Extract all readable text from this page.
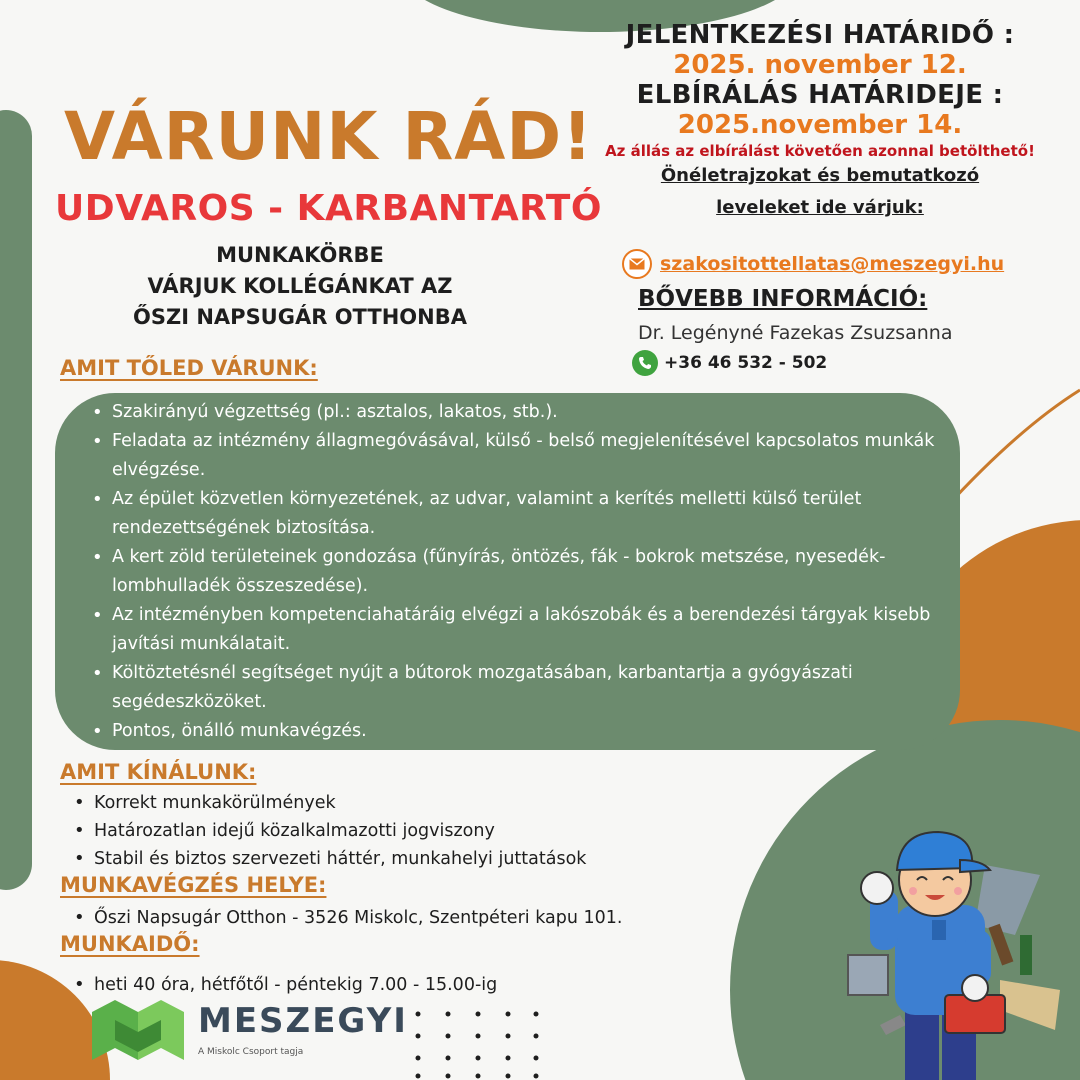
VÁRUNK RÁD!
UDVAROS - KARBANTARTÓ
MUNKAKÖRBE
VÁRJUK KOLLÉGÁNKAT AZ
ŐSZI NAPSUGÁR OTTHONBA
AMIT TŐLED VÁRUNK:
• Szakirányú végzettség (pl.: asztalos, lakatos, stb.).
• Feladata az intézmény állagmegóvásával, külső - belső megjelenítésével kapcsolatos munkák elvégzése.
• Az épület közvetlen környezetének, az udvar, valamint a kerítés melletti külső terület rendezettségének biztosítása.
• A kert zöld területeinek gondozása (fűnyírás, öntözés, fák - bokrok metszése, nyesedék-lombhulladék összeszedése).
• Az intézményben kompetenciahatáráig elvégzi a lakószobák és a berendezési tárgyak kisebb javítási munkálatait.
• Költöztetésnél segítséget nyújt a bútorok mozgatásában, karbantartja a gyógyászati segédeszközöket.
• Pontos, önálló munkavégzés.
AMIT KÍNÁLUNK:
• Korrekt munkakörülmények
• Határozatlan idejű közalkalmazotti jogviszony
• Stabil és biztos szervezeti háttér, munkahelyi juttatások
MUNKAVÉGZÉS HELYE:
• Őszi Napsugár Otthon - 3526 Miskolc, Szentpéteri kapu 101.
MUNKAIDŐ:
• heti 40 óra, hétfőtől - péntekig 7.00 - 15.00-ig
JELENTKEZÉSI HATÁRIDŐ :
2025. november 12.
ELBÍRÁLÁS HATÁRIDEJE :
2025.november 14.
Az állás az elbírálást követően azonnal betölthető!
Önéletrajzokat és bemutatkozó
leveleket ide várjuk:
szakositottellatas@meszegyi.hu
BŐVEBB INFORMÁCIÓ:
Dr. Legényné Fazekas Zsuzsanna
+36 46 532 - 502
MESZEGYI
A Miskolc Csoport tagja
